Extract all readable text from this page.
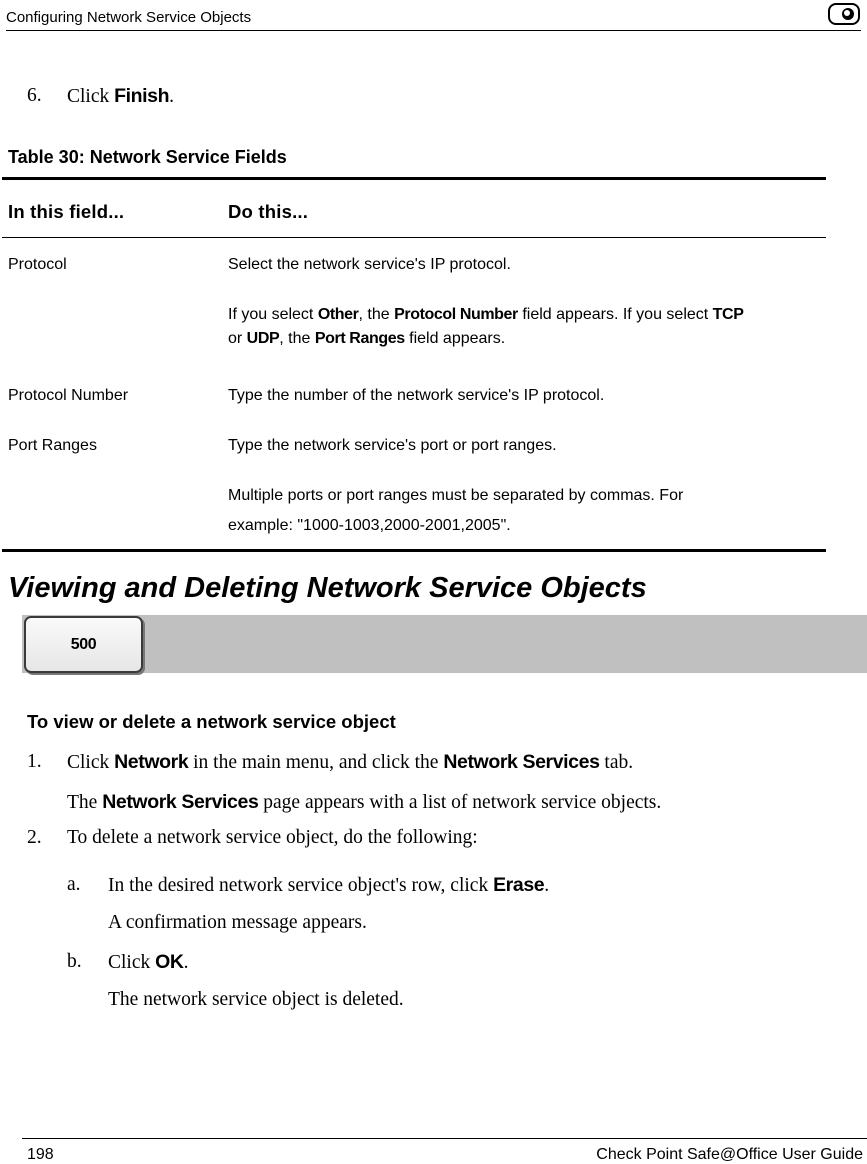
Configuring Network Service Objects
6. Click Finish.
Table 30: Network Service Fields
In this field...	Do this...
Protocol	Select the network service's IP protocol.
If you select Other, the Protocol Number field appears. If you select TCP
or UDP, the Port Ranges field appears.
Protocol Number	Type the number of the network service's IP protocol.
Port Ranges	Type the network service's port or port ranges.
Multiple ports or port ranges must be separated by commas. For
example: "1000-1003,2000-2001,2005".
Viewing and Deleting Network Service Objects
500
To view or delete a network service object
1. Click Network in the main menu, and click the Network Services tab.
The Network Services page appears with a list of network service objects.
2. To delete a network service object, do the following:
a. In the desired network service object's row, click Erase.
A confirmation message appears.
b. Click OK.
The network service object is deleted.
198	Check Point Safe@Office User Guide
